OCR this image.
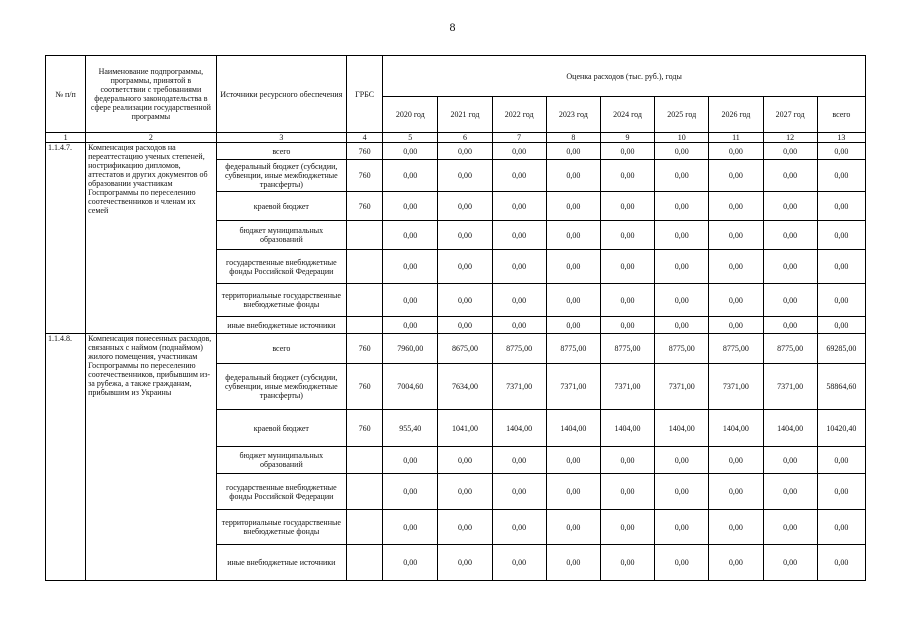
8
№ п/п	Наименование подпрограммы, программы, принятой в соответствии с требованиями федерального законодательства в сфере реализации государственной программы	Источники ресурсного обеспечения	ГРБС	Оценка расходов (тыс. руб.), годы								
				2020 год	2021 год	2022 год	2023 год	2024 год	2025 год	2026 год	2027 год	всего
1	2	3	4	5	6	7	8	9	10	11	12	13
1.1.4.7.	Компенсация расходов на переаттестацию ученых степеней, нострификацию дипломов, аттестатов и других документов об образовании участникам Госпрограммы по переселению соотечественников и членам их семей	всего	760	0,00	0,00	0,00	0,00	0,00	0,00	0,00	0,00	0,00
		федеральный бюджет (субсидии, субвенции, иные межбюджетные трансферты)	760	0,00	0,00	0,00	0,00	0,00	0,00	0,00	0,00	0,00
		краевой бюджет	760	0,00	0,00	0,00	0,00	0,00	0,00	0,00	0,00	0,00
		бюджет муниципальных образований		0,00	0,00	0,00	0,00	0,00	0,00	0,00	0,00	0,00
		государственные внебюджетные фонды Российской Федерации		0,00	0,00	0,00	0,00	0,00	0,00	0,00	0,00	0,00
		территориальные государственные внебюджетные фонды		0,00	0,00	0,00	0,00	0,00	0,00	0,00	0,00	0,00
		иные внебюджетные источники		0,00	0,00	0,00	0,00	0,00	0,00	0,00	0,00	0,00
1.1.4.8.	Компенсация понесенных расходов, связанных с наймом (поднаймом) жилого помещения, участникам Госпрограммы по переселению соотечественников, прибывшим из-за рубежа, а также гражданам, прибывшим из Украины	всего	760	7960,00	8675,00	8775,00	8775,00	8775,00	8775,00	8775,00	8775,00	69285,00
		федеральный бюджет (субсидии, субвенции, иные межбюджетные трансферты)	760	7004,60	7634,00	7371,00	7371,00	7371,00	7371,00	7371,00	7371,00	58864,60
		краевой бюджет	760	955,40	1041,00	1404,00	1404,00	1404,00	1404,00	1404,00	1404,00	10420,40
		бюджет муниципальных образований		0,00	0,00	0,00	0,00	0,00	0,00	0,00	0,00	0,00
		государственные внебюджетные фонды Российской Федерации		0,00	0,00	0,00	0,00	0,00	0,00	0,00	0,00	0,00
		территориальные государственные внебюджетные фонды		0,00	0,00	0,00	0,00	0,00	0,00	0,00	0,00	0,00
		иные внебюджетные источники		0,00	0,00	0,00	0,00	0,00	0,00	0,00	0,00	0,00
